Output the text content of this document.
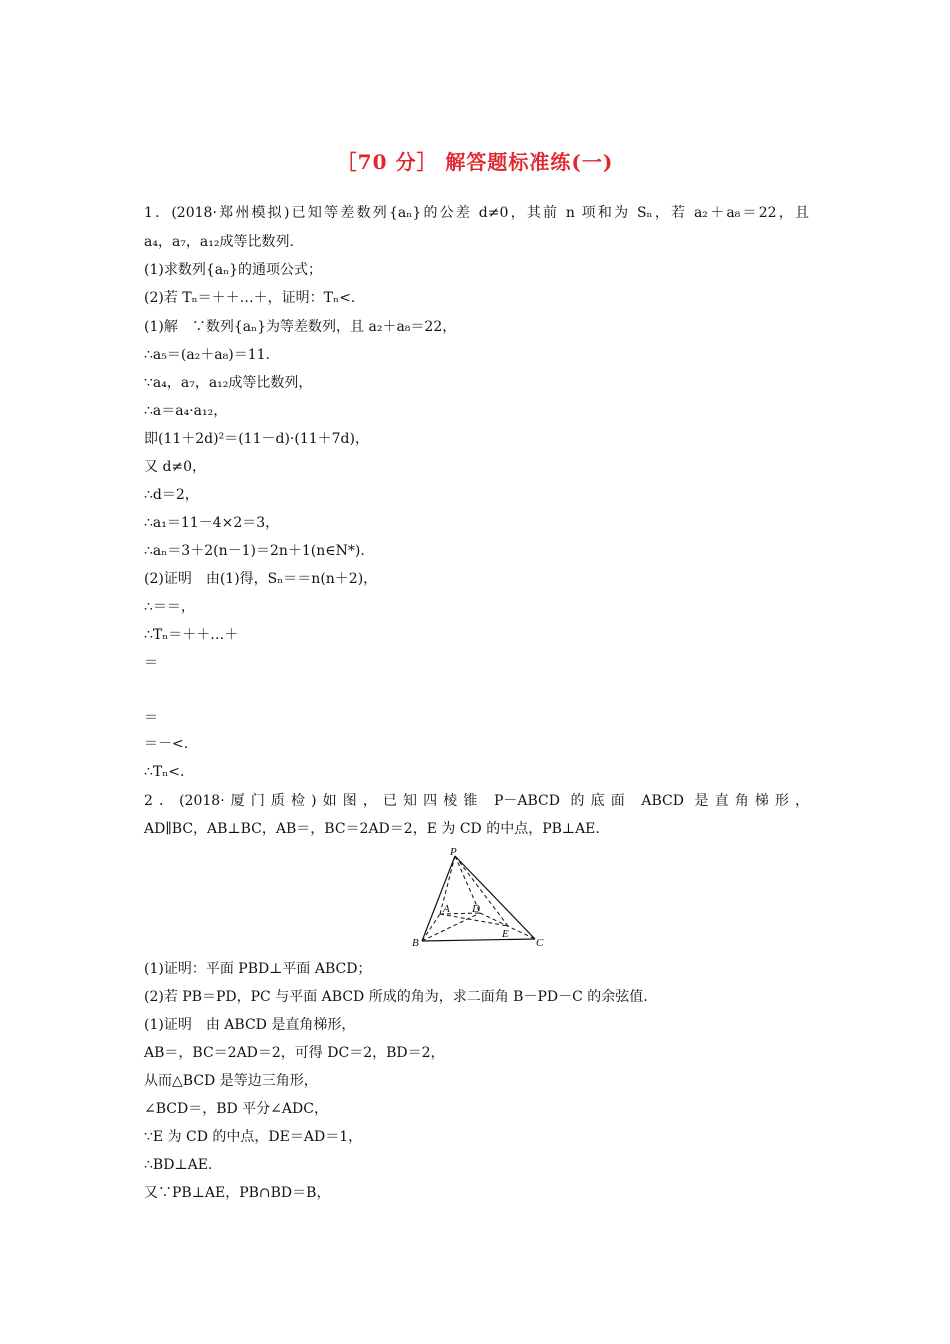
［70 分］ 解答题标准练(一)
1．(2018·郑州模拟)已知等差数列{aₙ}的公差 d≠0，其前 n 项和为 Sₙ，若 a₂＋a₈＝22，且
a₄，a₇，a₁₂成等比数列.
(1)求数列{aₙ}的通项公式；
(2)若 Tₙ＝＋＋…＋，证明：Tₙ<.
(1)解　∵数列{aₙ}为等差数列，且 a₂＋a₈＝22，
∴a₅＝(a₂＋a₈)＝11.
∵a₄，a₇，a₁₂成等比数列，
∴a＝a₄·a₁₂，
即(11＋2d)²＝(11－d)·(11＋7d)，
又 d≠0，
∴d＝2，
∴a₁＝11－4×2＝3，
∴aₙ＝3＋2(n－1)＝2n＋1(n∈N*).
(2)证明　由(1)得，Sₙ＝＝n(n＋2)，
∴＝＝，
∴Tₙ＝＋＋…＋
＝
＝
＝－<.
∴Tₙ<.
2．(2018·厦门质检)如图，已知四棱锥 P－ABCD 的底面 ABCD 是直角梯形，
AD∥BC，AB⊥BC，AB＝，BC＝2AD＝2，E 为 CD 的中点，PB⊥AE.
P
A D
B
E
C
(1)证明：平面 PBD⊥平面 ABCD；
(2)若 PB＝PD，PC 与平面 ABCD 所成的角为，求二面角 B－PD－C 的余弦值.
(1)证明　由 ABCD 是直角梯形，
AB＝，BC＝2AD＝2，可得 DC＝2，BD＝2，
从而△BCD 是等边三角形，
∠BCD＝，BD 平分∠ADC，
∵E 为 CD 的中点，DE＝AD＝1，
∴BD⊥AE.
又∵PB⊥AE，PB∩BD＝B，
